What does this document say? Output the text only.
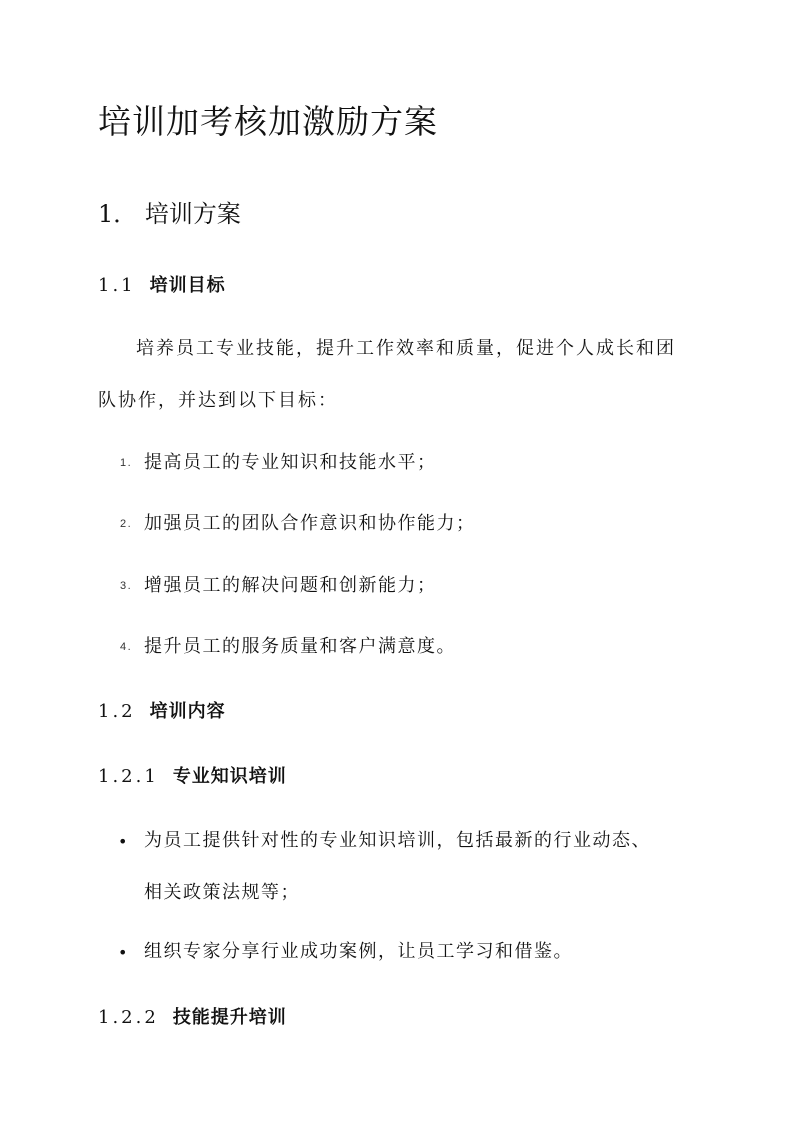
培训加考核加激励方案
1． 培训方案
1.1 培训目标
培养员工专业技能，提升工作效率和质量，促进个人成长和团
队协作，并达到以下目标：
1. 提高员工的专业知识和技能水平；
2. 加强员工的团队合作意识和协作能力；
3. 增强员工的解决问题和创新能力；
4. 提升员工的服务质量和客户满意度。
1.2 培训内容
1.2.1 专业知识培训
• 为员工提供针对性的专业知识培训，包括最新的行业动态、
相关政策法规等；
• 组织专家分享行业成功案例，让员工学习和借鉴。
1.2.2 技能提升培训
